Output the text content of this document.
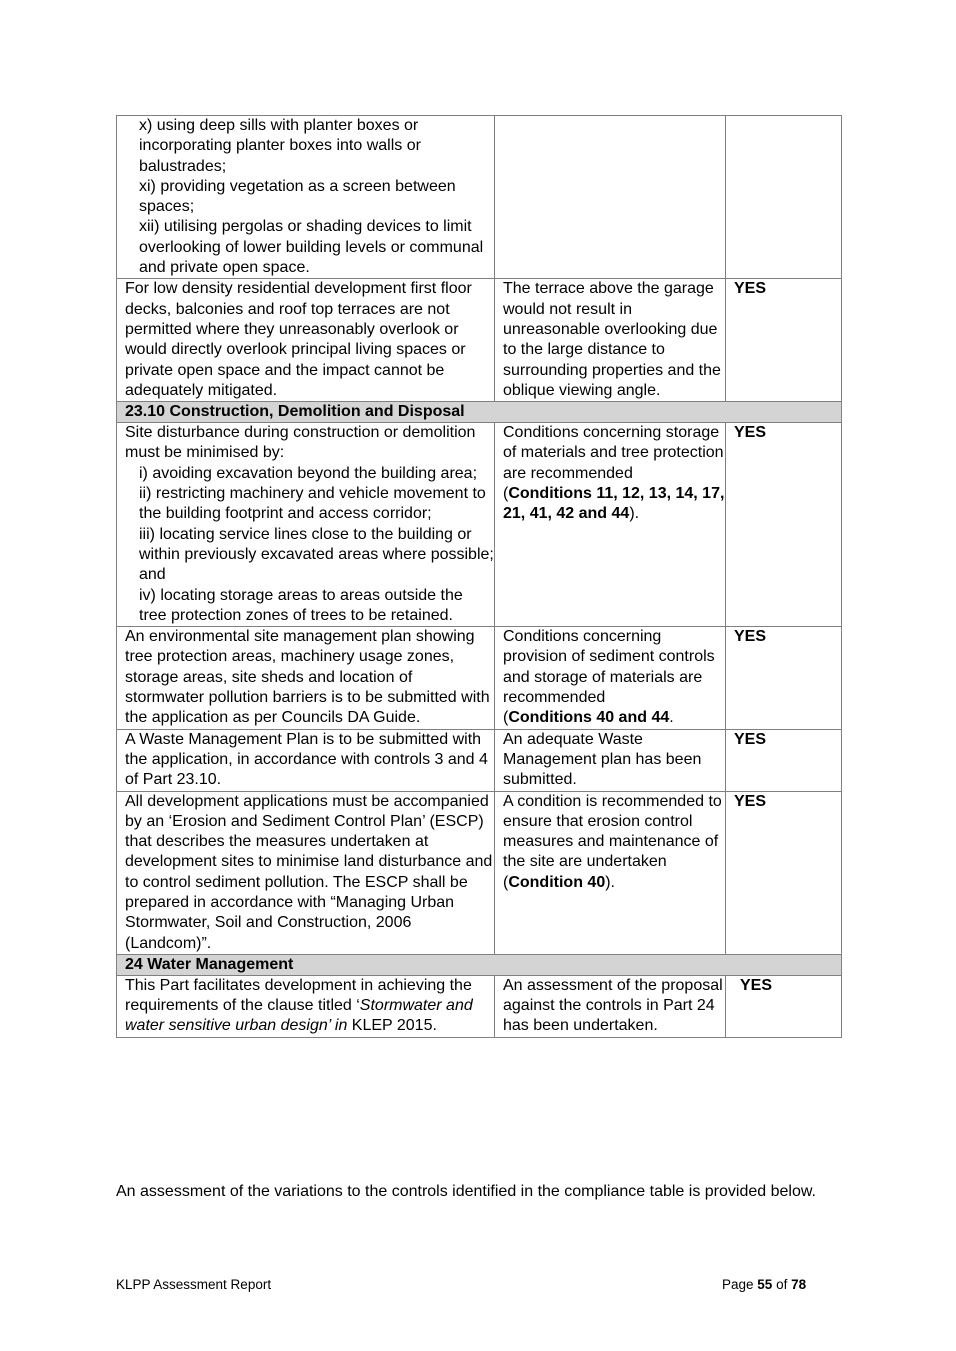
x) using deep sills with planter boxes or incorporating planter boxes into walls or balustrades;
xi) providing vegetation as a screen between spaces;
xii) utilising pergolas or shading devices to limit overlooking of lower building levels or communal and private open space.		

For low density residential development first floor decks, balconies and roof top terraces are not permitted where they unreasonably overlook or would directly overlook principal living spaces or private open space and the impact cannot be adequately mitigated.	The terrace above the garage would not result in unreasonable overlooking due to the large distance to surrounding properties and the oblique viewing angle.	YES
23.10 Construction, Demolition and Disposal		

Site disturbance during construction or demolition must be minimised by:
i) avoiding excavation beyond the building area;
ii) restricting machinery and vehicle movement to the building footprint and access corridor;
iii) locating service lines close to the building or within previously excavated areas where possible; and
iv) locating storage areas to areas outside the tree protection zones of trees to be retained.	Conditions concerning storage of materials and tree protection are recommended
(Conditions 11, 12, 13, 14, 17, 21, 41, 42 and 44).	YES
An environmental site management plan showing tree protection areas, machinery usage zones, storage areas, site sheds and location of stormwater pollution barriers is to be submitted with the application as per Councils DA Guide.	Conditions concerning provision of sediment controls and storage of materials are recommended
(Conditions 40 and 44.	YES
A Waste Management Plan is to be submitted with the application, in accordance with controls 3 and 4 of Part 23.10.	An adequate Waste Management plan has been submitted.	YES
All development applications must be accompanied by an ‘Erosion and Sediment Control Plan’ (ESCP) that describes the measures undertaken at development sites to minimise land disturbance and to control sediment pollution. The ESCP shall be prepared in accordance with “Managing Urban Stormwater, Soil and Construction, 2006 (Landcom)”.	A condition is recommended to ensure that erosion control measures and maintenance of the site are undertaken (Condition 40).	YES
24 Water Management		
This Part facilitates development in achieving the requirements of the clause titled ‘Stormwater and water sensitive urban design’ in KLEP 2015.	An assessment of the proposal against the controls in Part 24 has been undertaken.	YES
An assessment of the variations to the controls identified in the compliance table is provided below.
KLPP Assessment Report	Page 55 of 78
